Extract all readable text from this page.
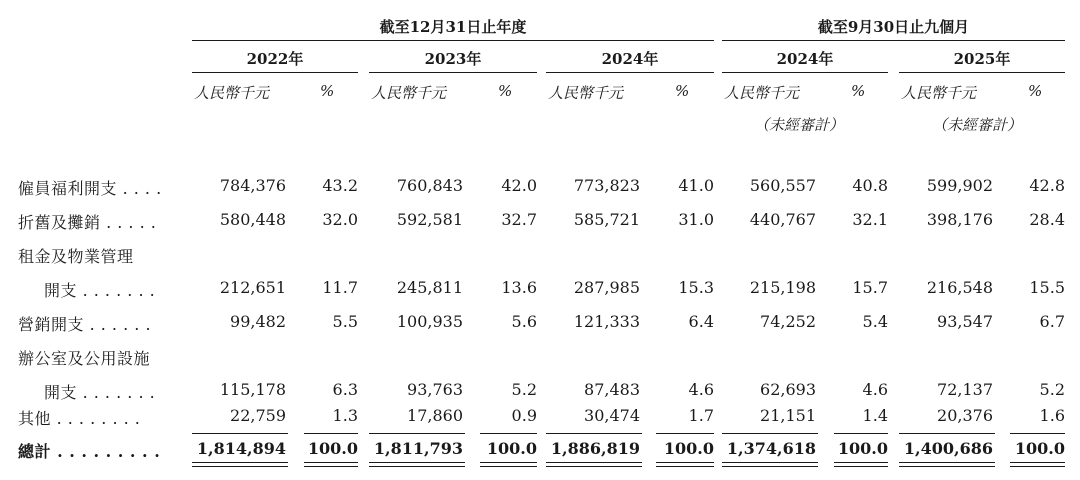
截至12月31日止年度	截至9月30日止九個月
2022年	2023年	2024年	2024年	2025年
人民幣千元	% 人民幣千元	% 人民幣千元	% 人民幣千元	% 人民幣千元	%
（未經審計）	（未經審計）
僱員福利開支 . . . .	784,376 43.2 760,843 42.0 773,823 41.0 560,557 40.8 599,902 42.8
折舊及攤銷 . . . . .	580,448 32.0 592,581 32.7 585,721 31.0 440,767 32.1 398,176 28.4
租金及物業管理
開支 . . . . . . .	212,651 11.7 245,811 13.6 287,985 15.3 215,198 15.7 216,548 15.5
營銷開支 . . . . . .	99,482	5.5 100,935	5.6 121,333	6.4	74,252	5.4	93,547	6.7
辦公室及公用設施
開支 . . . . . . .	115,178	6.3	93,763	5.2	87,483	4.6	62,693	4.6	72,137	5.2
其他 . . . . . . . .	22,759	1.3	17,860	0.9	30,474	1.7	21,151	1.4	20,376	1.6
總計 . . . . . . . . . 1,814,894 100.0 1,811,793 100.0 1,886,819 100.0 1,374,618 100.0 1,400,686 100.0
